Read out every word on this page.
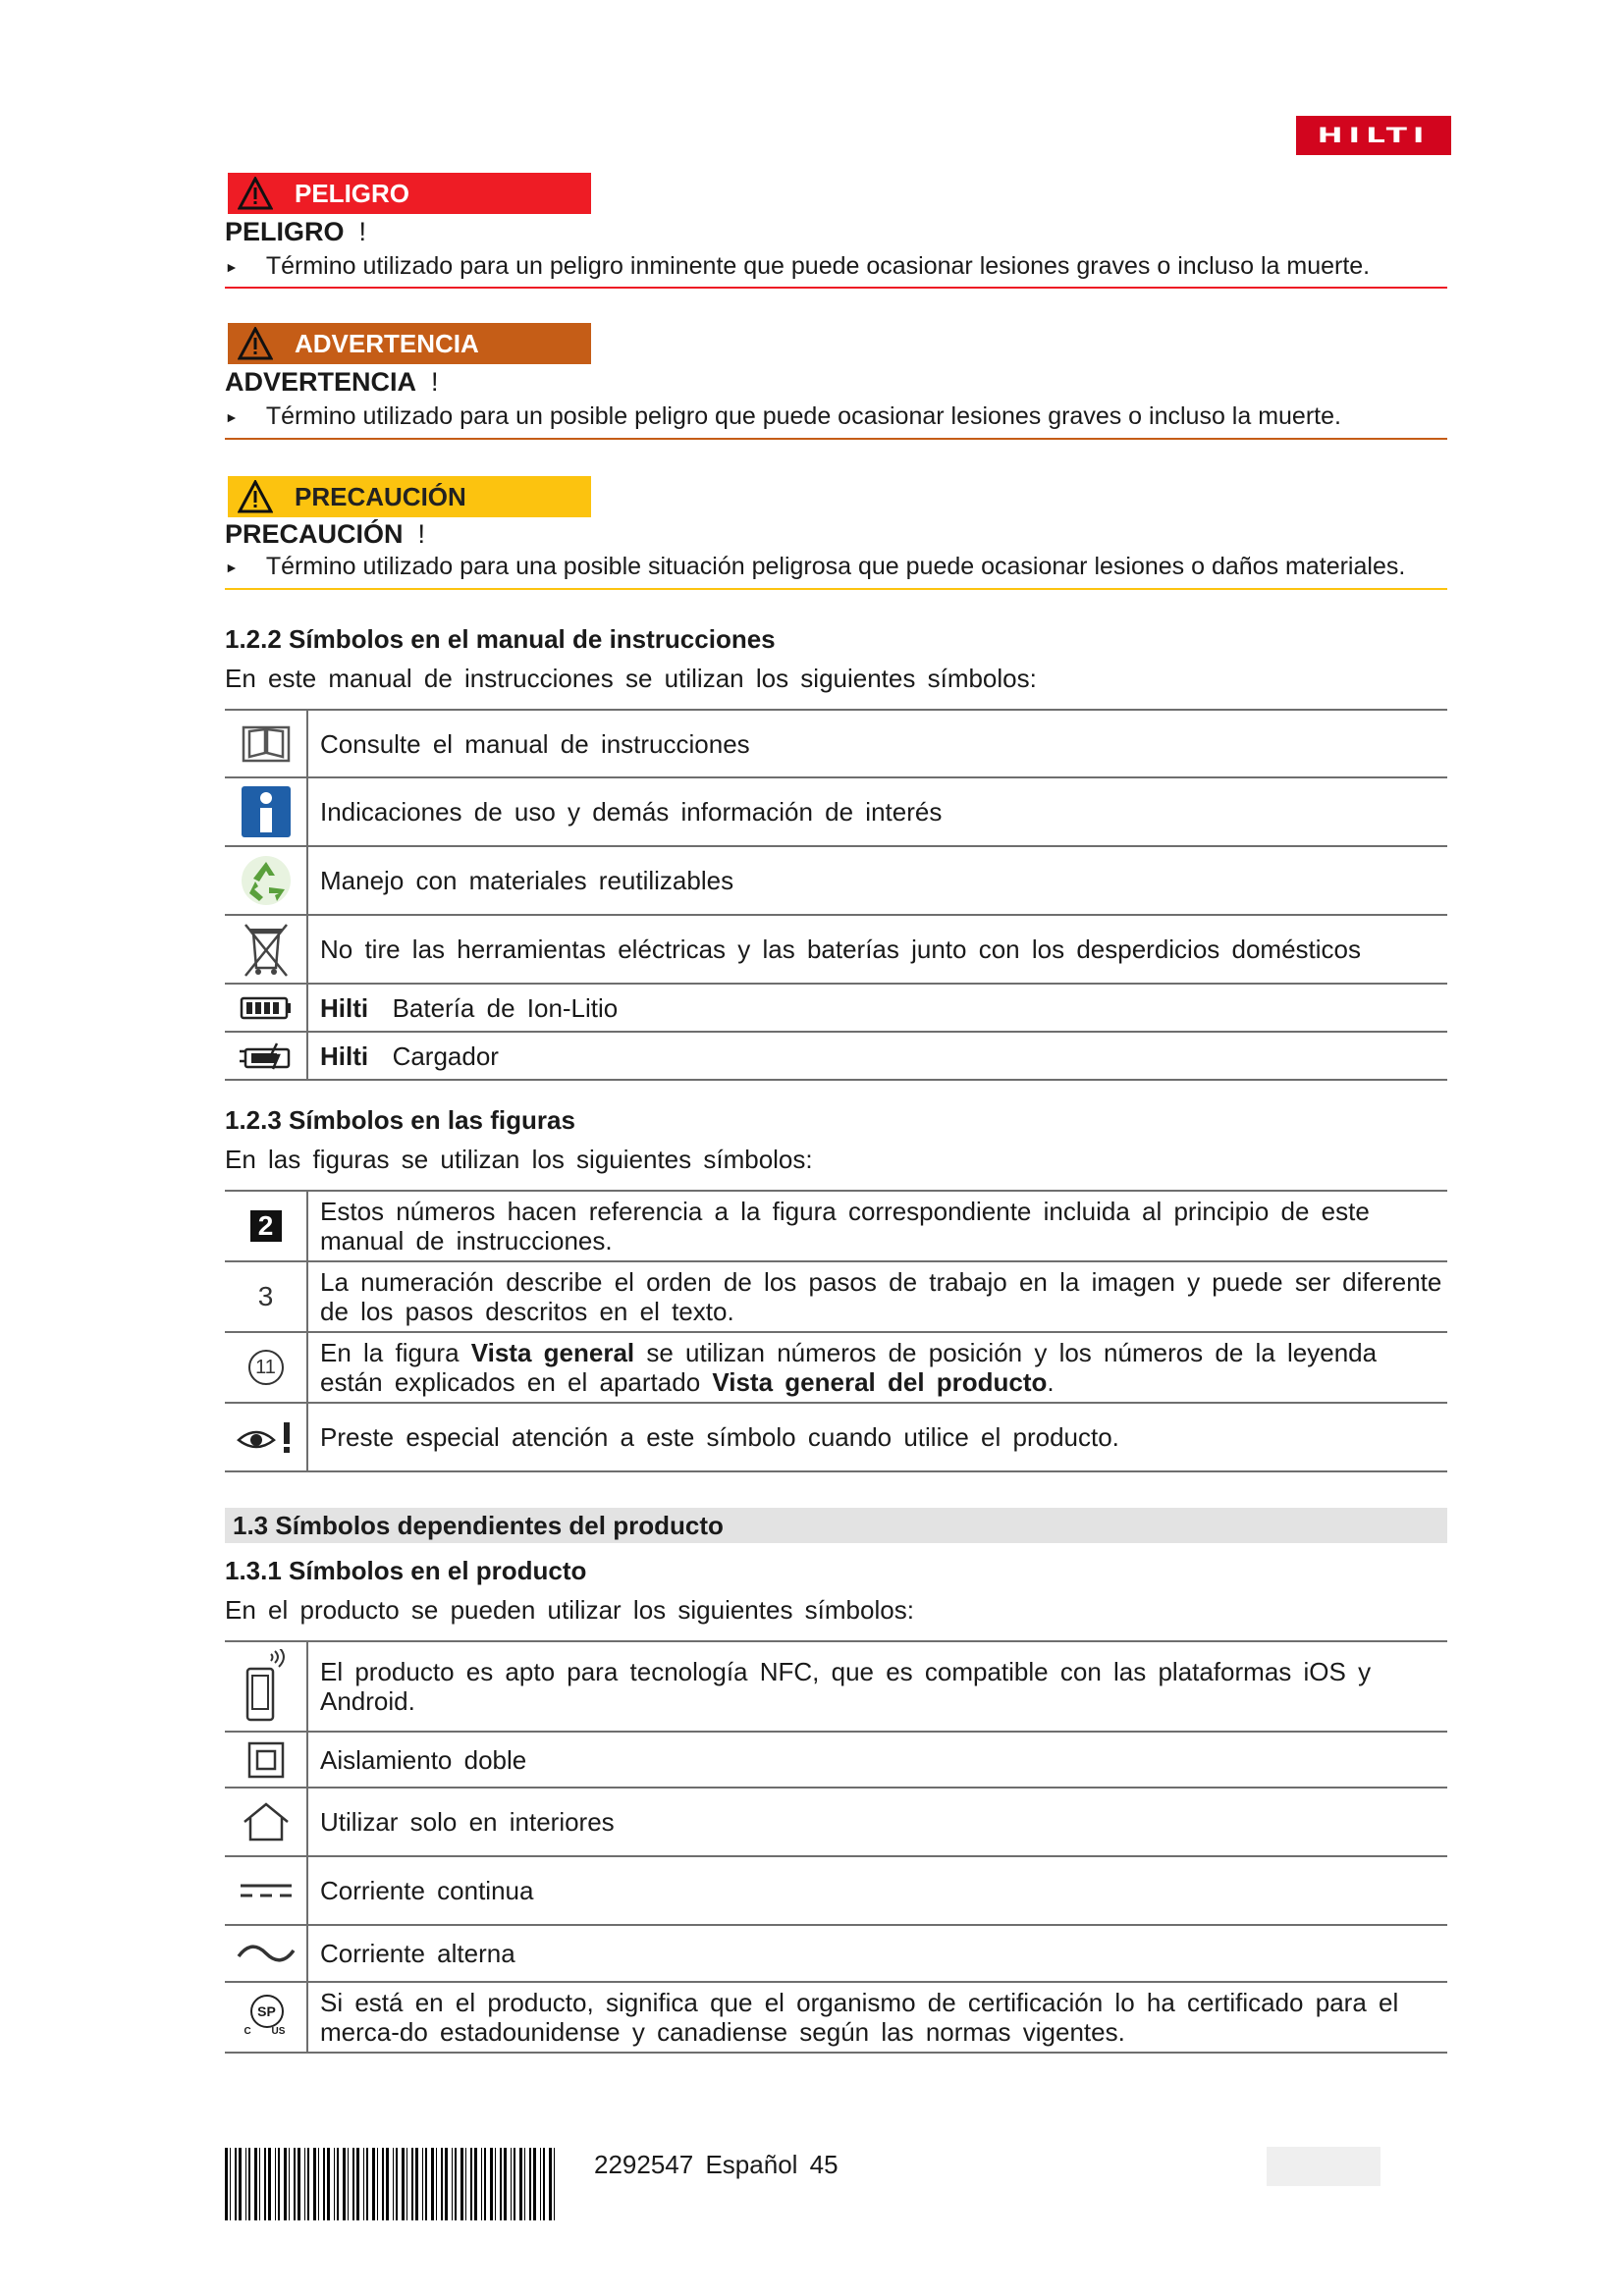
HILTI
PELIGRO
PELIGRO !
► Término utilizado para un peligro inminente que puede ocasionar lesiones graves o incluso la muerte.
ADVERTENCIA
ADVERTENCIA !
► Término utilizado para un posible peligro que puede ocasionar lesiones graves o incluso la muerte.
PRECAUCIÓN
PRECAUCIÓN !
► Término utilizado para una posible situación peligrosa que puede ocasionar lesiones o daños materiales.
1.2.2 Símbolos en el manual de instrucciones
En este manual de instrucciones se utilizan los siguientes símbolos:
Consulte el manual de instrucciones
Indicaciones de uso y demás información de interés
Manejo con materiales reutilizables
No tire las herramientas eléctricas y las baterías junto con los desperdicios domésticos
Hilti Batería de Ion-Litio
Hilti Cargador
1.2.3 Símbolos en las figuras
En las figuras se utilizan los siguientes símbolos:
2	Estos números hacen referencia a la figura correspondiente incluida al principio de este manual de instrucciones.
3 La numeración describe el orden de los pasos de trabajo en la imagen y puede ser diferente de los pasos descritos en el texto.
11 En la figura Vista general se utilizan números de posición y los números de la leyenda están explicados en el apartado Vista general del producto.
Preste especial atención a este símbolo cuando utilice el producto.
1.3 Símbolos dependientes del producto
1.3.1 Símbolos en el producto
En el producto se pueden utilizar los siguientes símbolos:
El producto es apto para tecnología NFC, que es compatible con las plataformas iOS y Android.
Aislamiento doble
Utilizar solo en interiores
Corriente continua
Corriente alterna
SP
C US
Si está en el producto, significa que el organismo de certificación lo ha certificado para el merca-do estadounidense y canadiense según las normas vigentes.
2292547 Español 45
